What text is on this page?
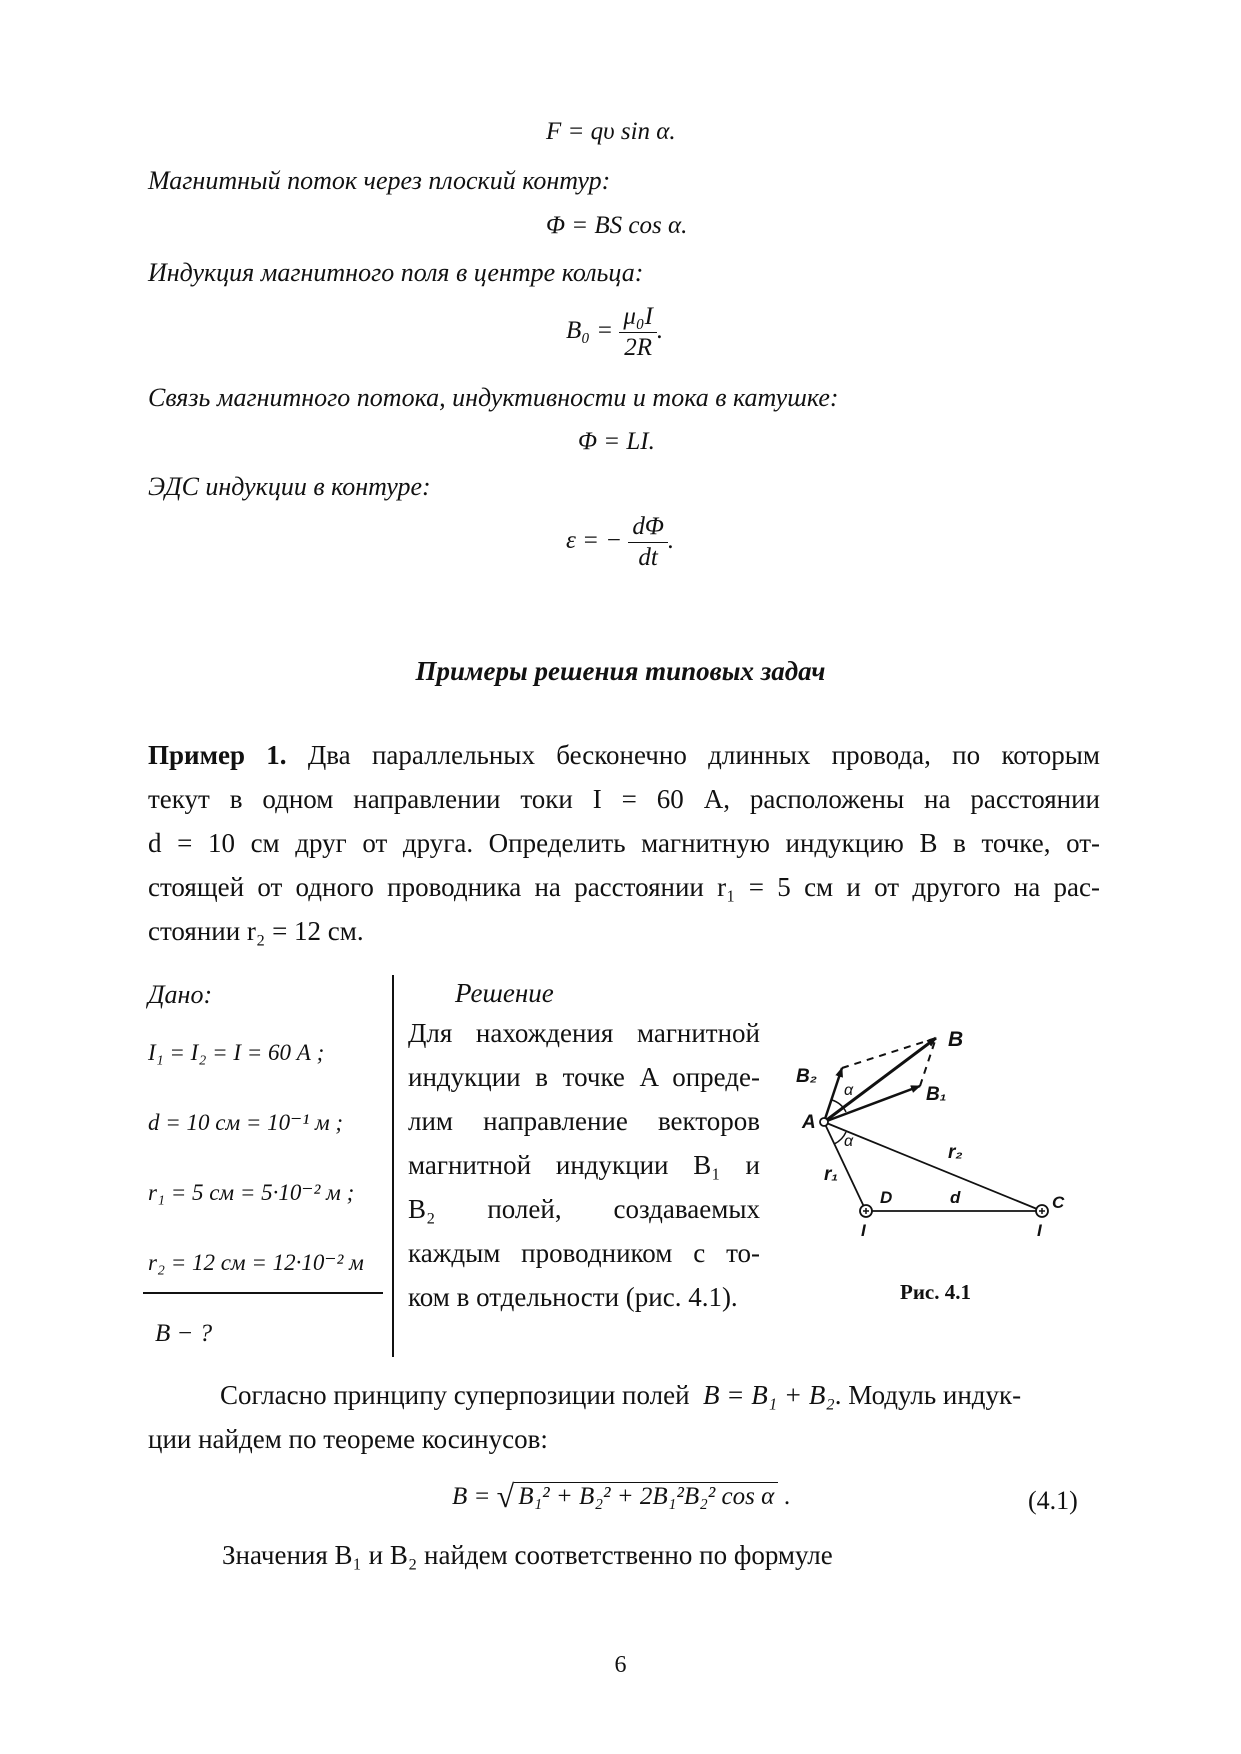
F = qυ sin α.
Магнитный поток через плоский контур:
Φ = BS cos α.
Индукция магнитного поля в центре кольца:
$B_0 = \frac{\text{μ₀I}}{2R}$ .
Связь магнитного потока, индуктивности и тока в катушке:
Φ = LI.
ЭДС индукции в контуре:
ε = − $\frac{d\Phi}{dt}$ .
Примеры решения типовых задач
Пример 1. Два параллельных бесконечно длинных провода, по которым
текут в одном направлении токи I = 60 А, расположены на расстоянии
d = 10 см друг от друга. Определить магнитную индукцию B в точке, от-
стоящей от одного проводника на расстоянии r₁ = 5 см и от другого на рас-
стоянии r₂ = 12 см.
Дано:
I₁ = I₂ = I = 60 А ;
d = 10 см = 10⁻¹ м ;
r₁ = 5 см = 5·10⁻² м ;
r₂ = 12 см = 12·10⁻² м
B − ?
Решение
Для нахождения магнитной
индукции в точке A опреде-
лим направление векторов
магнитной индукции B₁ и
B₂ полей, создаваемых
каждым проводником с то-
ком в отдельности (рис. 4.1).
B
B₂
B₁
A
α
α
r₁
r₂
D	d	C
I	I
Рис. 4.1
Согласно принципу суперпозиции полей B = B₁ + B₂. Модуль индук-
ции найдем по теореме косинусов:
B = √ B₁² + B₂² + 2B₁²B₂² cos α .	(4.1)
Значения B₁ и B₂ найдем соответственно по формуле
6
